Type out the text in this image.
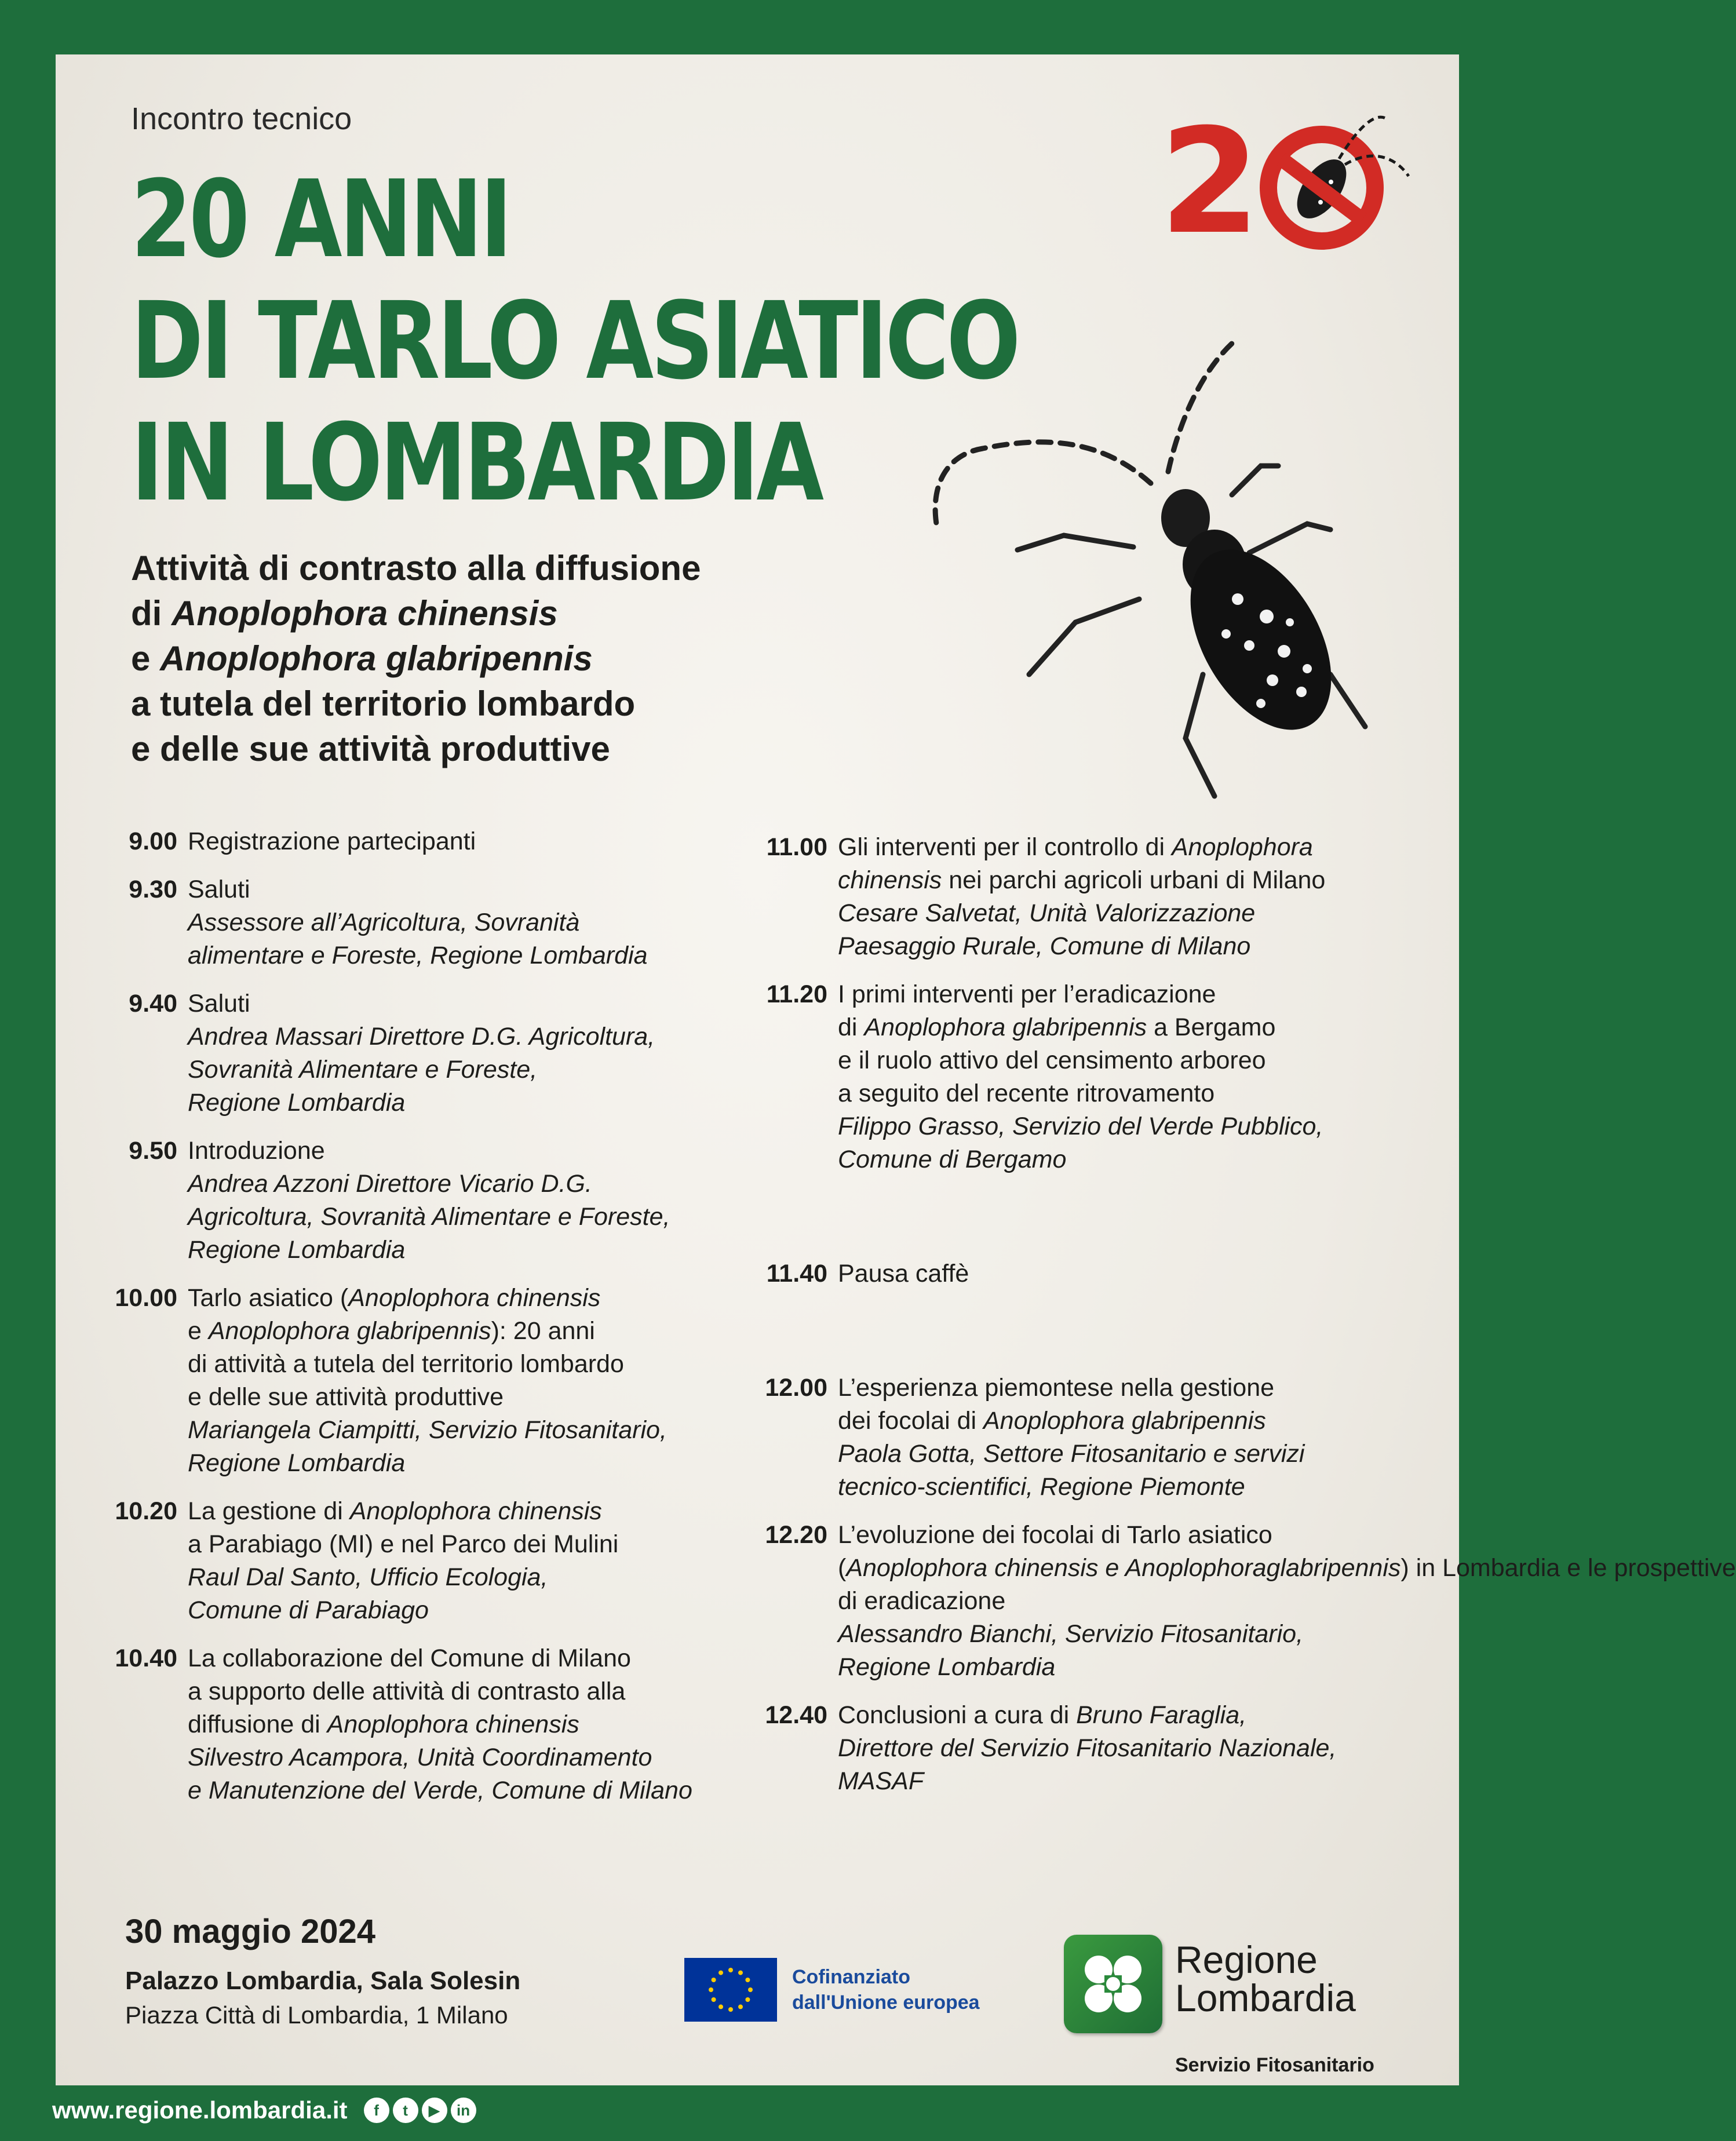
Incontro tecnico
20 ANNI
DI TARLO ASIATICO
IN LOMBARDIA
Attività di contrasto alla diffusione
di Anoplophora chinensis
e Anoplophora glabripennis
a tutela del territorio lombardo
e delle sue attività produttive
2
9.00 Registrazione partecipanti
9.30 Saluti
Assessore all’Agricoltura, Sovranità
alimentare e Foreste, Regione Lombardia
9.40 Saluti
Andrea Massari Direttore D.G. Agricoltura,
Sovranità Alimentare e Foreste,
Regione Lombardia
9.50 Introduzione
Andrea Azzoni Direttore Vicario D.G.
Agricoltura, Sovranità Alimentare e Foreste,
Regione Lombardia
10.00 Tarlo asiatico (Anoplophora chinensis
e Anoplophora glabripennis): 20 anni
di attività a tutela del territorio lombardo
e delle sue attività produttive
Mariangela Ciampitti, Servizio Fitosanitario,
Regione Lombardia
10.20 La gestione di Anoplophora chinensis
a Parabiago (MI) e nel Parco dei Mulini
Raul Dal Santo, Ufficio Ecologia,
Comune di Parabiago
10.40 La collaborazione del Comune di Milano
a supporto delle attività di contrasto alla
diffusione di Anoplophora chinensis
Silvestro Acampora, Unità Coordinamento
e Manutenzione del Verde, Comune di Milano
11.00 Gli interventi per il controllo di Anoplophora
chinensis nei parchi agricoli urbani di Milano
Cesare Salvetat, Unità Valorizzazione
Paesaggio Rurale, Comune di Milano
11.20 I primi interventi per l’eradicazione
di Anoplophora glabripennis a Bergamo
e il ruolo attivo del censimento arboreo
a seguito del recente ritrovamento
Filippo Grasso, Servizio del Verde Pubblico,
Comune di Bergamo
11.40 Pausa caffè
12.00 L’esperienza piemontese nella gestione
dei focolai di Anoplophora glabripennis
Paola Gotta, Settore Fitosanitario e servizi
tecnico-scientifici, Regione Piemonte
12.20 L’evoluzione dei focolai di Tarlo asiatico
(Anoplophora chinensis e Anoplophoraglabripennis) in Lombardia e le prospettive
di eradicazione
Alessandro Bianchi, Servizio Fitosanitario,
Regione Lombardia
12.40 Conclusioni a cura di Bruno Faraglia,
Direttore del Servizio Fitosanitario Nazionale,
MASAF
30 maggio 2024
Palazzo Lombardia, Sala Solesin
Piazza Città di Lombardia, 1 Milano
Cofinanziato
dall'Unione europea
Regione
Lombardia
Servizio Fitosanitario
www.regione.lombardia.it	f	t	▶	in
